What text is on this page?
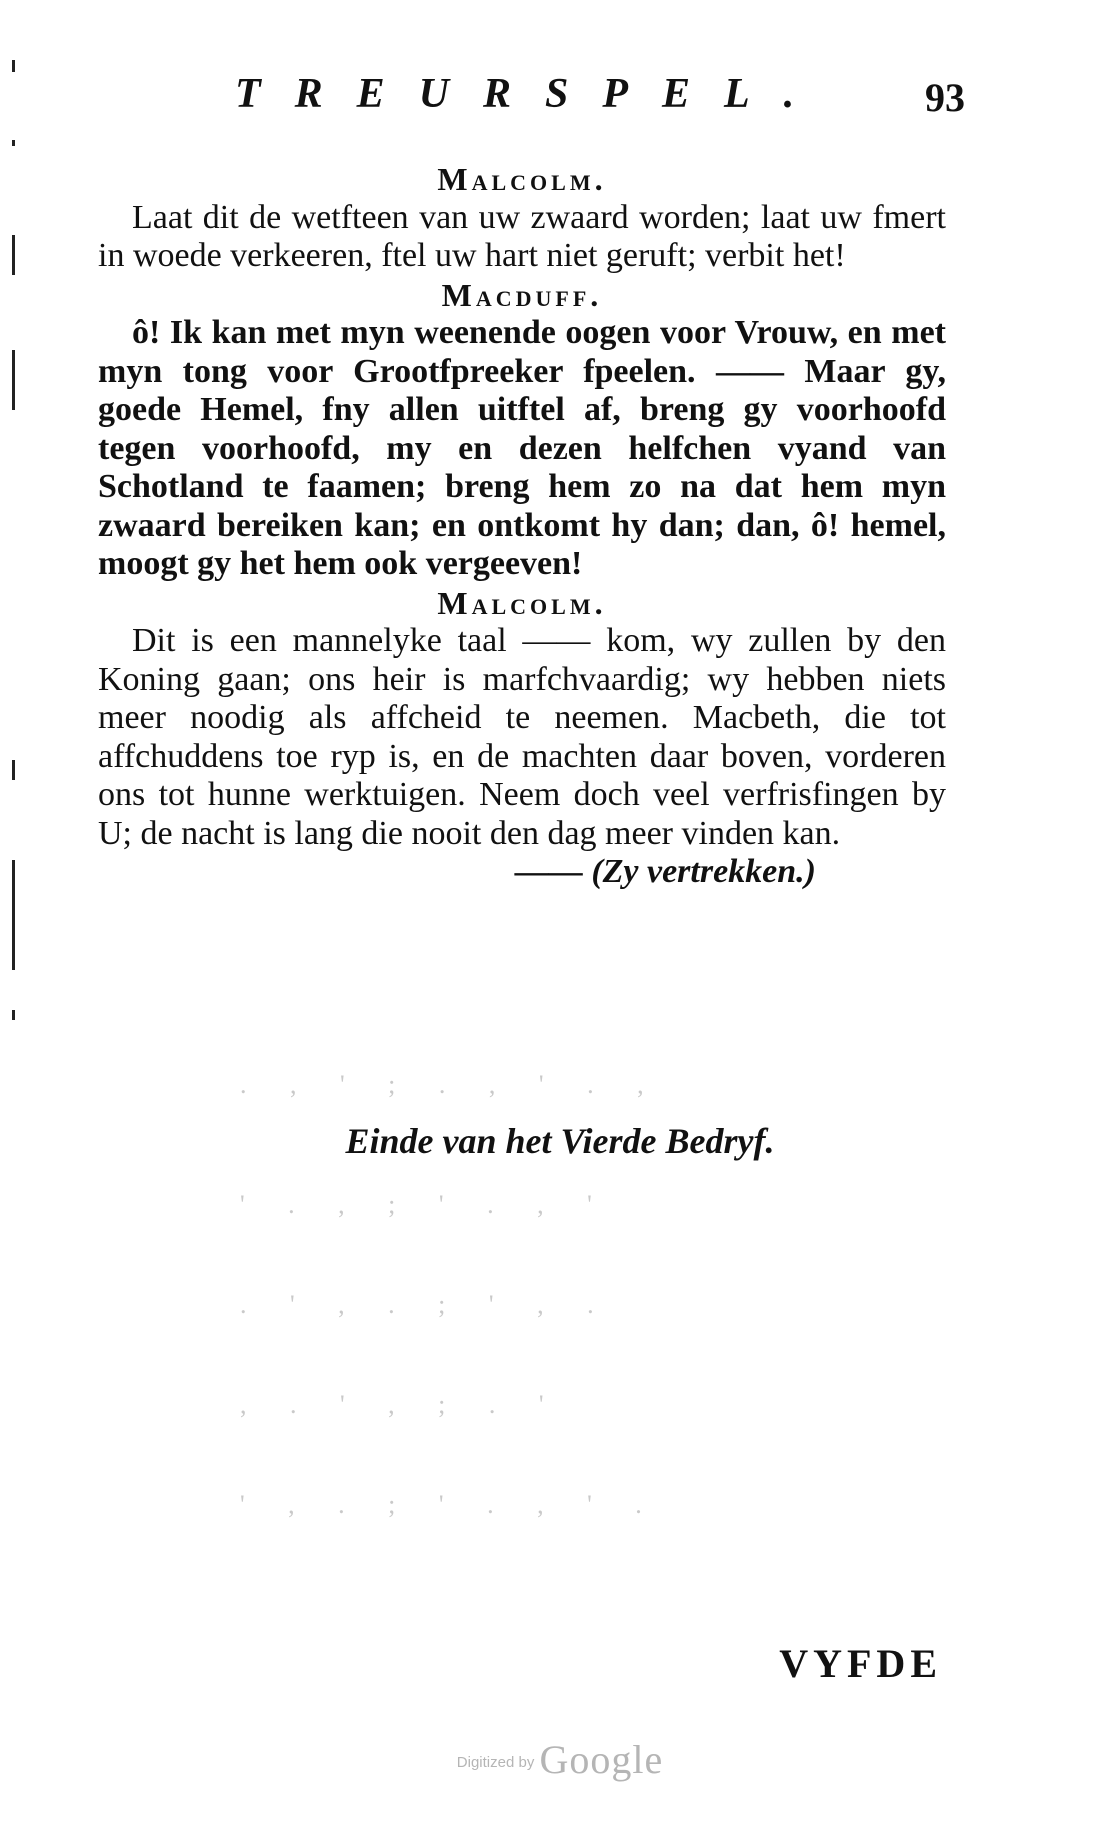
TREURSPEL. 93
Malcolm.
Laat dit de wetfteen van uw zwaard worden; laat uw fmert in woede verkeeren, ftel uw hart niet geruft; verbit het!
Macduff.
ô! Ik kan met myn weenende oogen voor Vrouw, en met myn tong voor Grootfpreeker fpeelen. —— Maar gy, goede Hemel, fny allen uitftel af, breng gy voorhoofd tegen voorhoofd, my en dezen helfchen vyand van Schotland te faamen; breng hem zo na dat hem myn zwaard bereiken kan; en ontkomt hy dan; dan, ô! hemel, moogt gy het hem ook vergeeven!
Malcolm.
Dit is een mannelyke taal —— kom, wy zullen by den Koning gaan; ons heir is marfchvaardig; wy hebben niets meer noodig als affcheid te neemen. Macbeth, die tot affchuddens toe ryp is, en de machten daar boven, vorderen ons tot hunne werktuigen. Neem doch veel verfrisfingen by U; de nacht is lang die nooit den dag meer vinden kan.
—— (Zy vertrekken.)
.   ,   '   ;   .   ,   '   .   ,
'   .   ,   ;   '   .   ,   '
.   '   ,   .   ;   '   ,   .
,   .   '   ,   ;   .   '
'   ,   .   ;   '   .   ,   '   .
Einde van het Vierde Bedryf.
VYFDE
Digitized by Google
